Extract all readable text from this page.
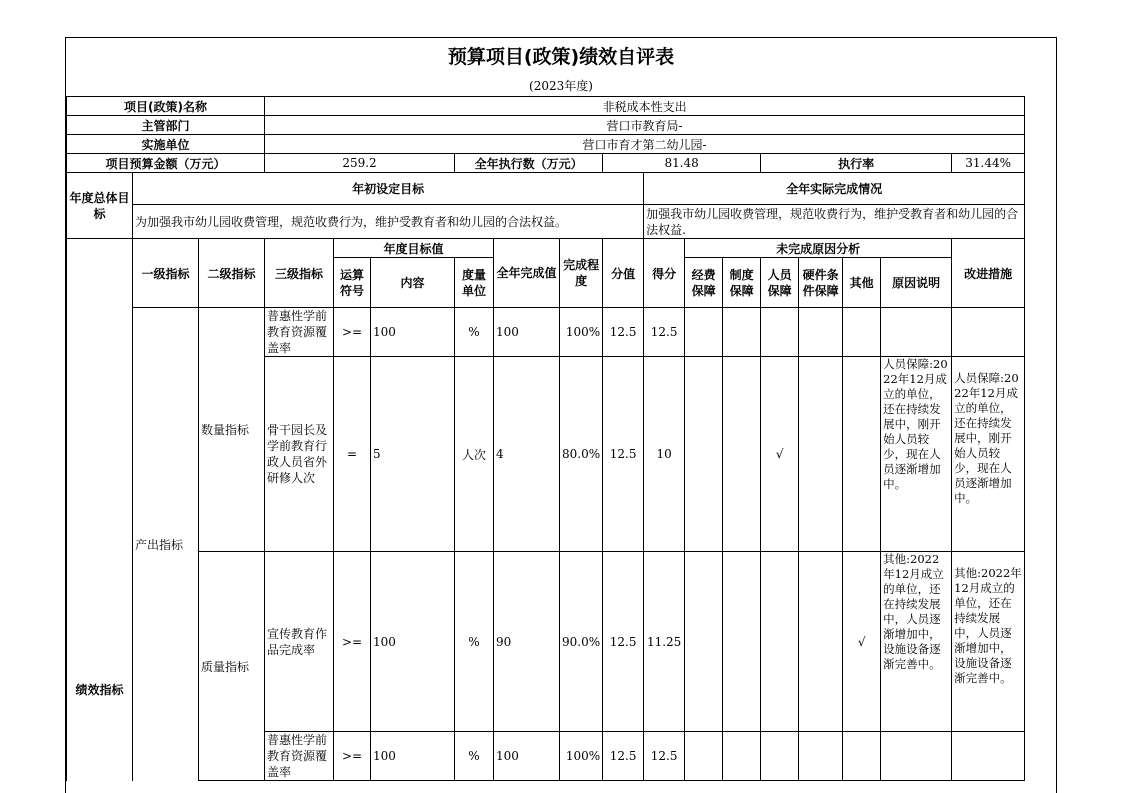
预算项目(政策)绩效自评表
(2023年度)
项目(政策)名称			非税成本性支出														
主管部门			营口市教育局-														
实施单位			营口市育才第二幼儿园-														
项目预算金额（万元）			259.2			全年执行数（万元）			81.48				执行率				31.44%
年度总体目标	年初设定目标									全年实际完成情况							
	为加强我市幼儿园收费管理，规范收费行为，维护受教育者和幼儿园的合法权益。									加强我市幼儿园收费管理，规范收费行为，维护受教育者和幼儿园的合法权益.							
绩效指标	一级指标	二级指标	三级指标	年度目标值			全年完成值	完成程度	分值	得分	未完成原因分析						改进措施
				运算符号	内容	度量单位					经费保障	制度保障	人员保障	硬件条件保障	其他	原因说明	
	产出指标	数量指标	普惠性学前教育资源覆盖率	>=	100	%	100	100%	12.5	12.5							
			骨干园长及学前教育行政人员省外研修人次	=	5	人次	4	80.0%	12.5	10			√			人员保障:2022年12月成立的单位，还在持续发展中，刚开始人员较少，现在人员逐渐增加中。	人员保障:2022年12月成立的单位，还在持续发展中，刚开始人员较少，现在人员逐渐增加中。
		质量指标	宣传教育作品完成率	>=	100	%	90	90.0%	12.5	11.25					√	其他:2022年12月成立的单位，还在持续发展中，人员逐渐增加中，设施设备逐渐完善中。	其他:2022年12月成立的单位，还在持续发展中，人员逐渐增加中，设施设备逐渐完善中。
			普惠性学前教育资源覆盖率	>=	100	%	100	100%	12.5	12.5							
